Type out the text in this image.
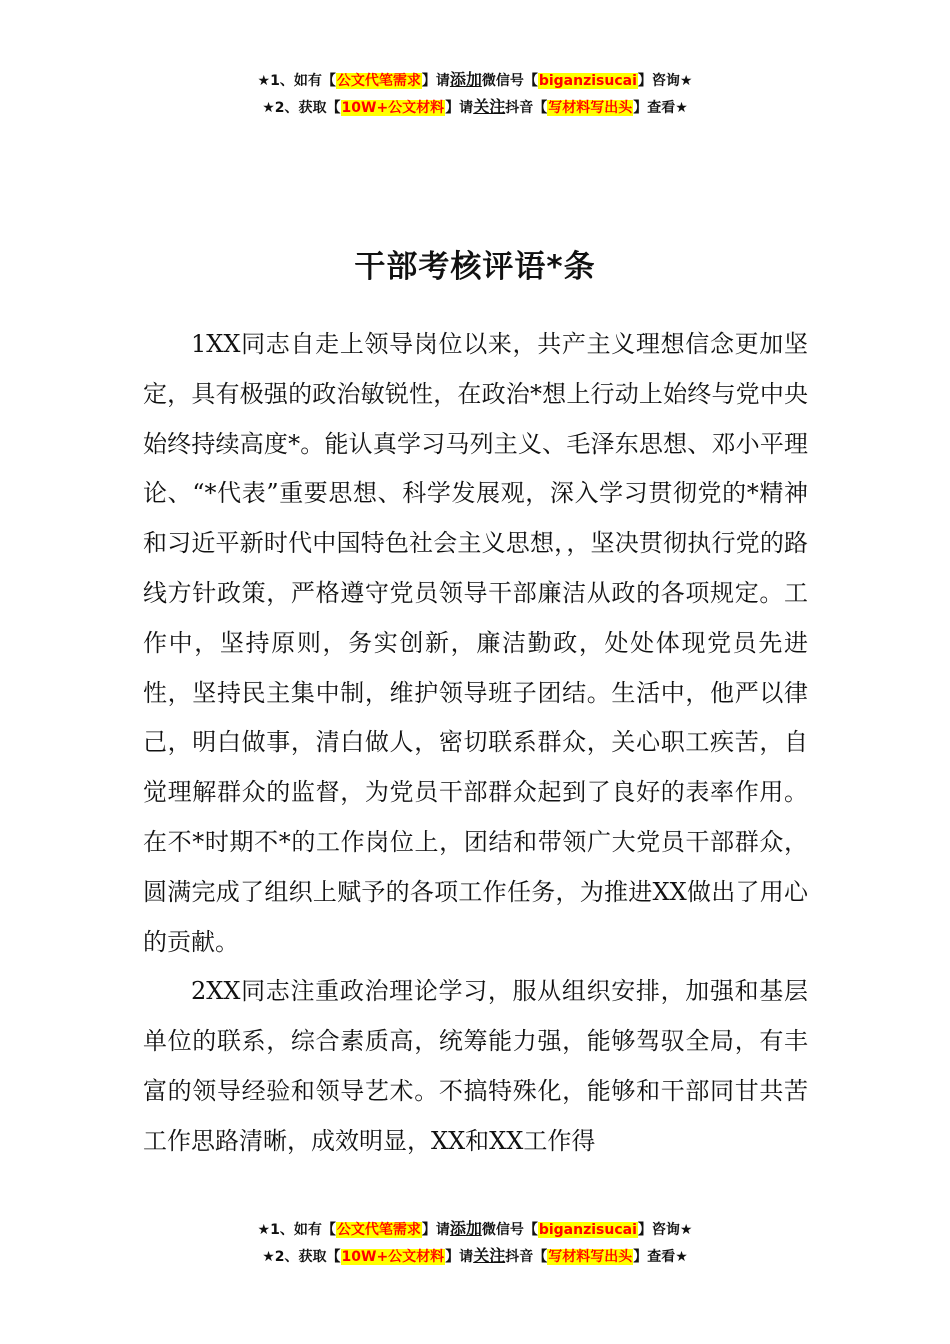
★1、如有【公文代笔需求】请添加微信号【biganzisucai】咨询★
★2、获取【10W+公文材料】请关注抖音【写材料写出头】查看★
干部考核评语*条

1XX同志自走上领导岗位以来，共产主义理想信念更加坚定，具有极强的政治敏锐性，在政治*想上行动上始终与党中央始终持续高度*。能认真学习马列主义、毛泽东思想、邓小平理论、“*代表”重要思想、科学发展观，深入学习贯彻党的*精神和习近平新时代中国特色社会主义思想，，坚决贯彻执行党的路线方针政策，严格遵守党员领导干部廉洁从政的各项规定。工作中，坚持原则，务实创新，廉洁勤政，处处体现党员先进性，坚持民主集中制，维护领导班子团结。生活中，他严以律己，明白做事，清白做人，密切联系群众，关心职工疾苦，自觉理解群众的监督，为党员干部群众起到了良好的表率作用。在不*时期不*的工作岗位上，团结和带领广大党员干部群众，圆满完成了组织上赋予的各项工作任务，为推进XX做出了用心的贡献。

2XX同志注重政治理论学习，服从组织安排，加强和基层单位的联系，综合素质高，统筹能力强，能够驾驭全局，有丰富的领导经验和领导艺术。不搞特殊化，能够和干部同甘共苦工作思路清晰，成效明显，XX和XX工作得

★1、如有【公文代笔需求】请添加微信号【biganzisucai】咨询★
★2、获取【10W+公文材料】请关注抖音【写材料写出头】查看★
